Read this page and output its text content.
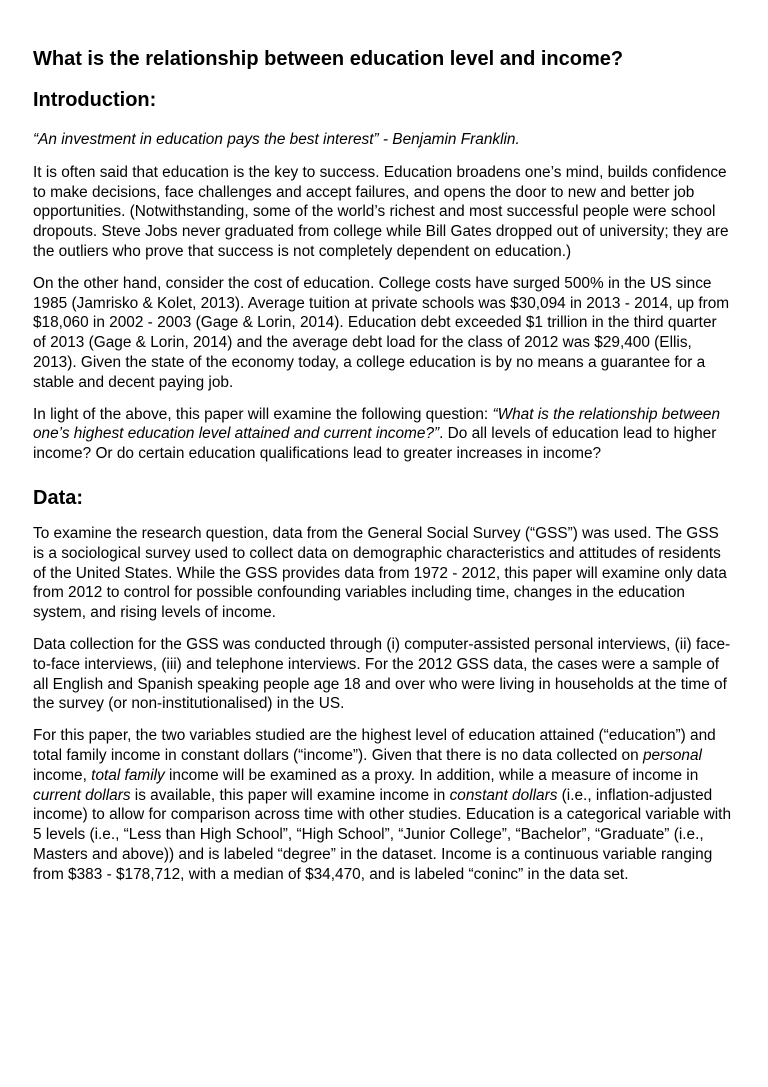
What is the relationship between education level and income?
Introduction:

“An investment in education pays the best interest” - Benjamin Franklin.

It is often said that education is the key to success. Education broadens one’s mind, builds confidence to make decisions, face challenges and accept failures, and opens the door to new and better job opportunities. (Notwithstanding, some of the world’s richest and most successful people were school dropouts. Steve Jobs never graduated from college while Bill Gates dropped out of university; they are the outliers who prove that success is not completely dependent on education.)

On the other hand, consider the cost of education. College costs have surged 500% in the US since 1985 (Jamrisko & Kolet, 2013). Average tuition at private schools was $30,094 in 2013 - 2014, up from $18,060 in 2002 - 2003 (Gage & Lorin, 2014). Education debt exceeded $1 trillion in the third quarter of 2013 (Gage & Lorin, 2014) and the average debt load for the class of 2012 was $29,400 (Ellis, 2013). Given the state of the economy today, a college education is by no means a guarantee for a stable and decent paying job.

In light of the above, this paper will examine the following question: “What is the relationship between one’s highest education level attained and current income?”. Do all levels of education lead to higher income? Or do certain education qualifications lead to greater increases in income?

Data:

To examine the research question, data from the General Social Survey (“GSS”) was used. The GSS is a sociological survey used to collect data on demographic characteristics and attitudes of residents of the United States. While the GSS provides data from 1972 - 2012, this paper will examine only data from 2012 to control for possible confounding variables including time, changes in the education system, and rising levels of income.

Data collection for the GSS was conducted through (i) computer-assisted personal interviews, (ii) face-to-face interviews, (iii) and telephone interviews. For the 2012 GSS data, the cases were a sample of all English and Spanish speaking people age 18 and over who were living in households at the time of the survey (or non-institutionalised) in the US.

For this paper, the two variables studied are the highest level of education attained (“education”) and total family income in constant dollars (“income”). Given that there is no data collected on personal income, total family income will be examined as a proxy. In addition, while a measure of income in current dollars is available, this paper will examine income in constant dollars (i.e., inflation-adjusted income) to allow for comparison across time with other studies. Education is a categorical variable with 5 levels (i.e., “Less than High School”, “High School”, “Junior College”, “Bachelor”, “Graduate” (i.e., Masters and above)) and is labeled “degree” in the dataset. Income is a continuous variable ranging from $383 - $178,712, with a median of $34,470, and is labeled “coninc” in the data set.
